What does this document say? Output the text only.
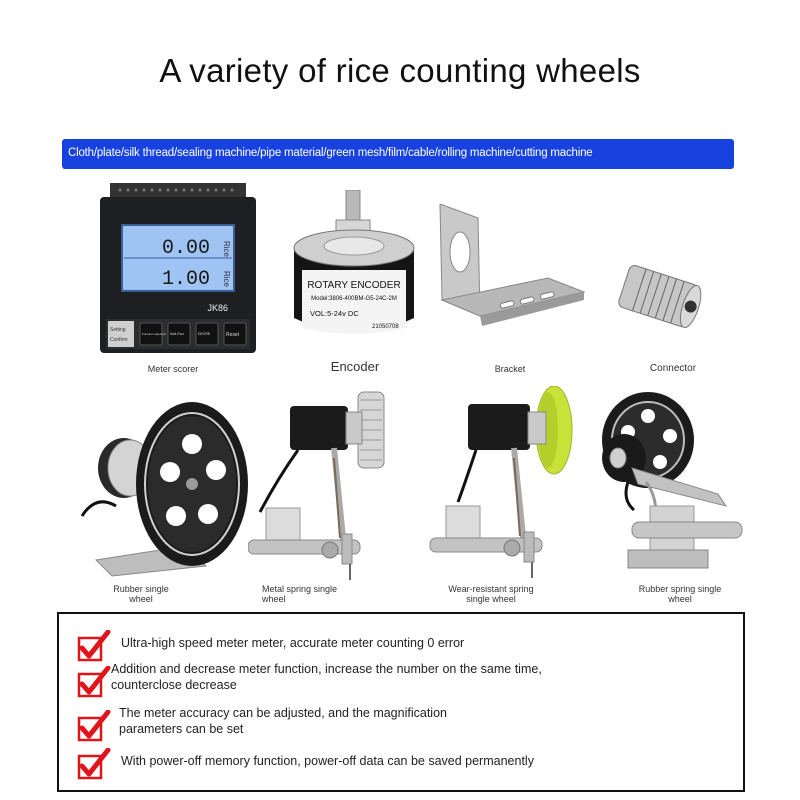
A variety of rice counting wheels
Cloth/plate/silk thread/sealing machine/pipe material/green mesh/film/cable/rolling machine/cutting machine
0.00
1.00
Rice
Rice
JK86
Setting
Confirm
Function selection Add-Run	DECRE	Reset
Meter scorer
ROTARY ENCODER
Model:3806-400BM-G5-24C-2M
VOL:5-24v DC
21050708
Encoder	Bracket	Connector
Rubber single
wheel
Metal spring single
wheel
Wear-resistant spring
single wheel
Rubber spring single
wheel
Ultra-high speed meter meter, accurate meter counting 0 error
Addition and decrease meter function, increase the number on the same time,
counterclose decrease
The meter accuracy can be adjusted, and the magnification
parameters can be set
With power-off memory function, power-off data can be saved permanently
